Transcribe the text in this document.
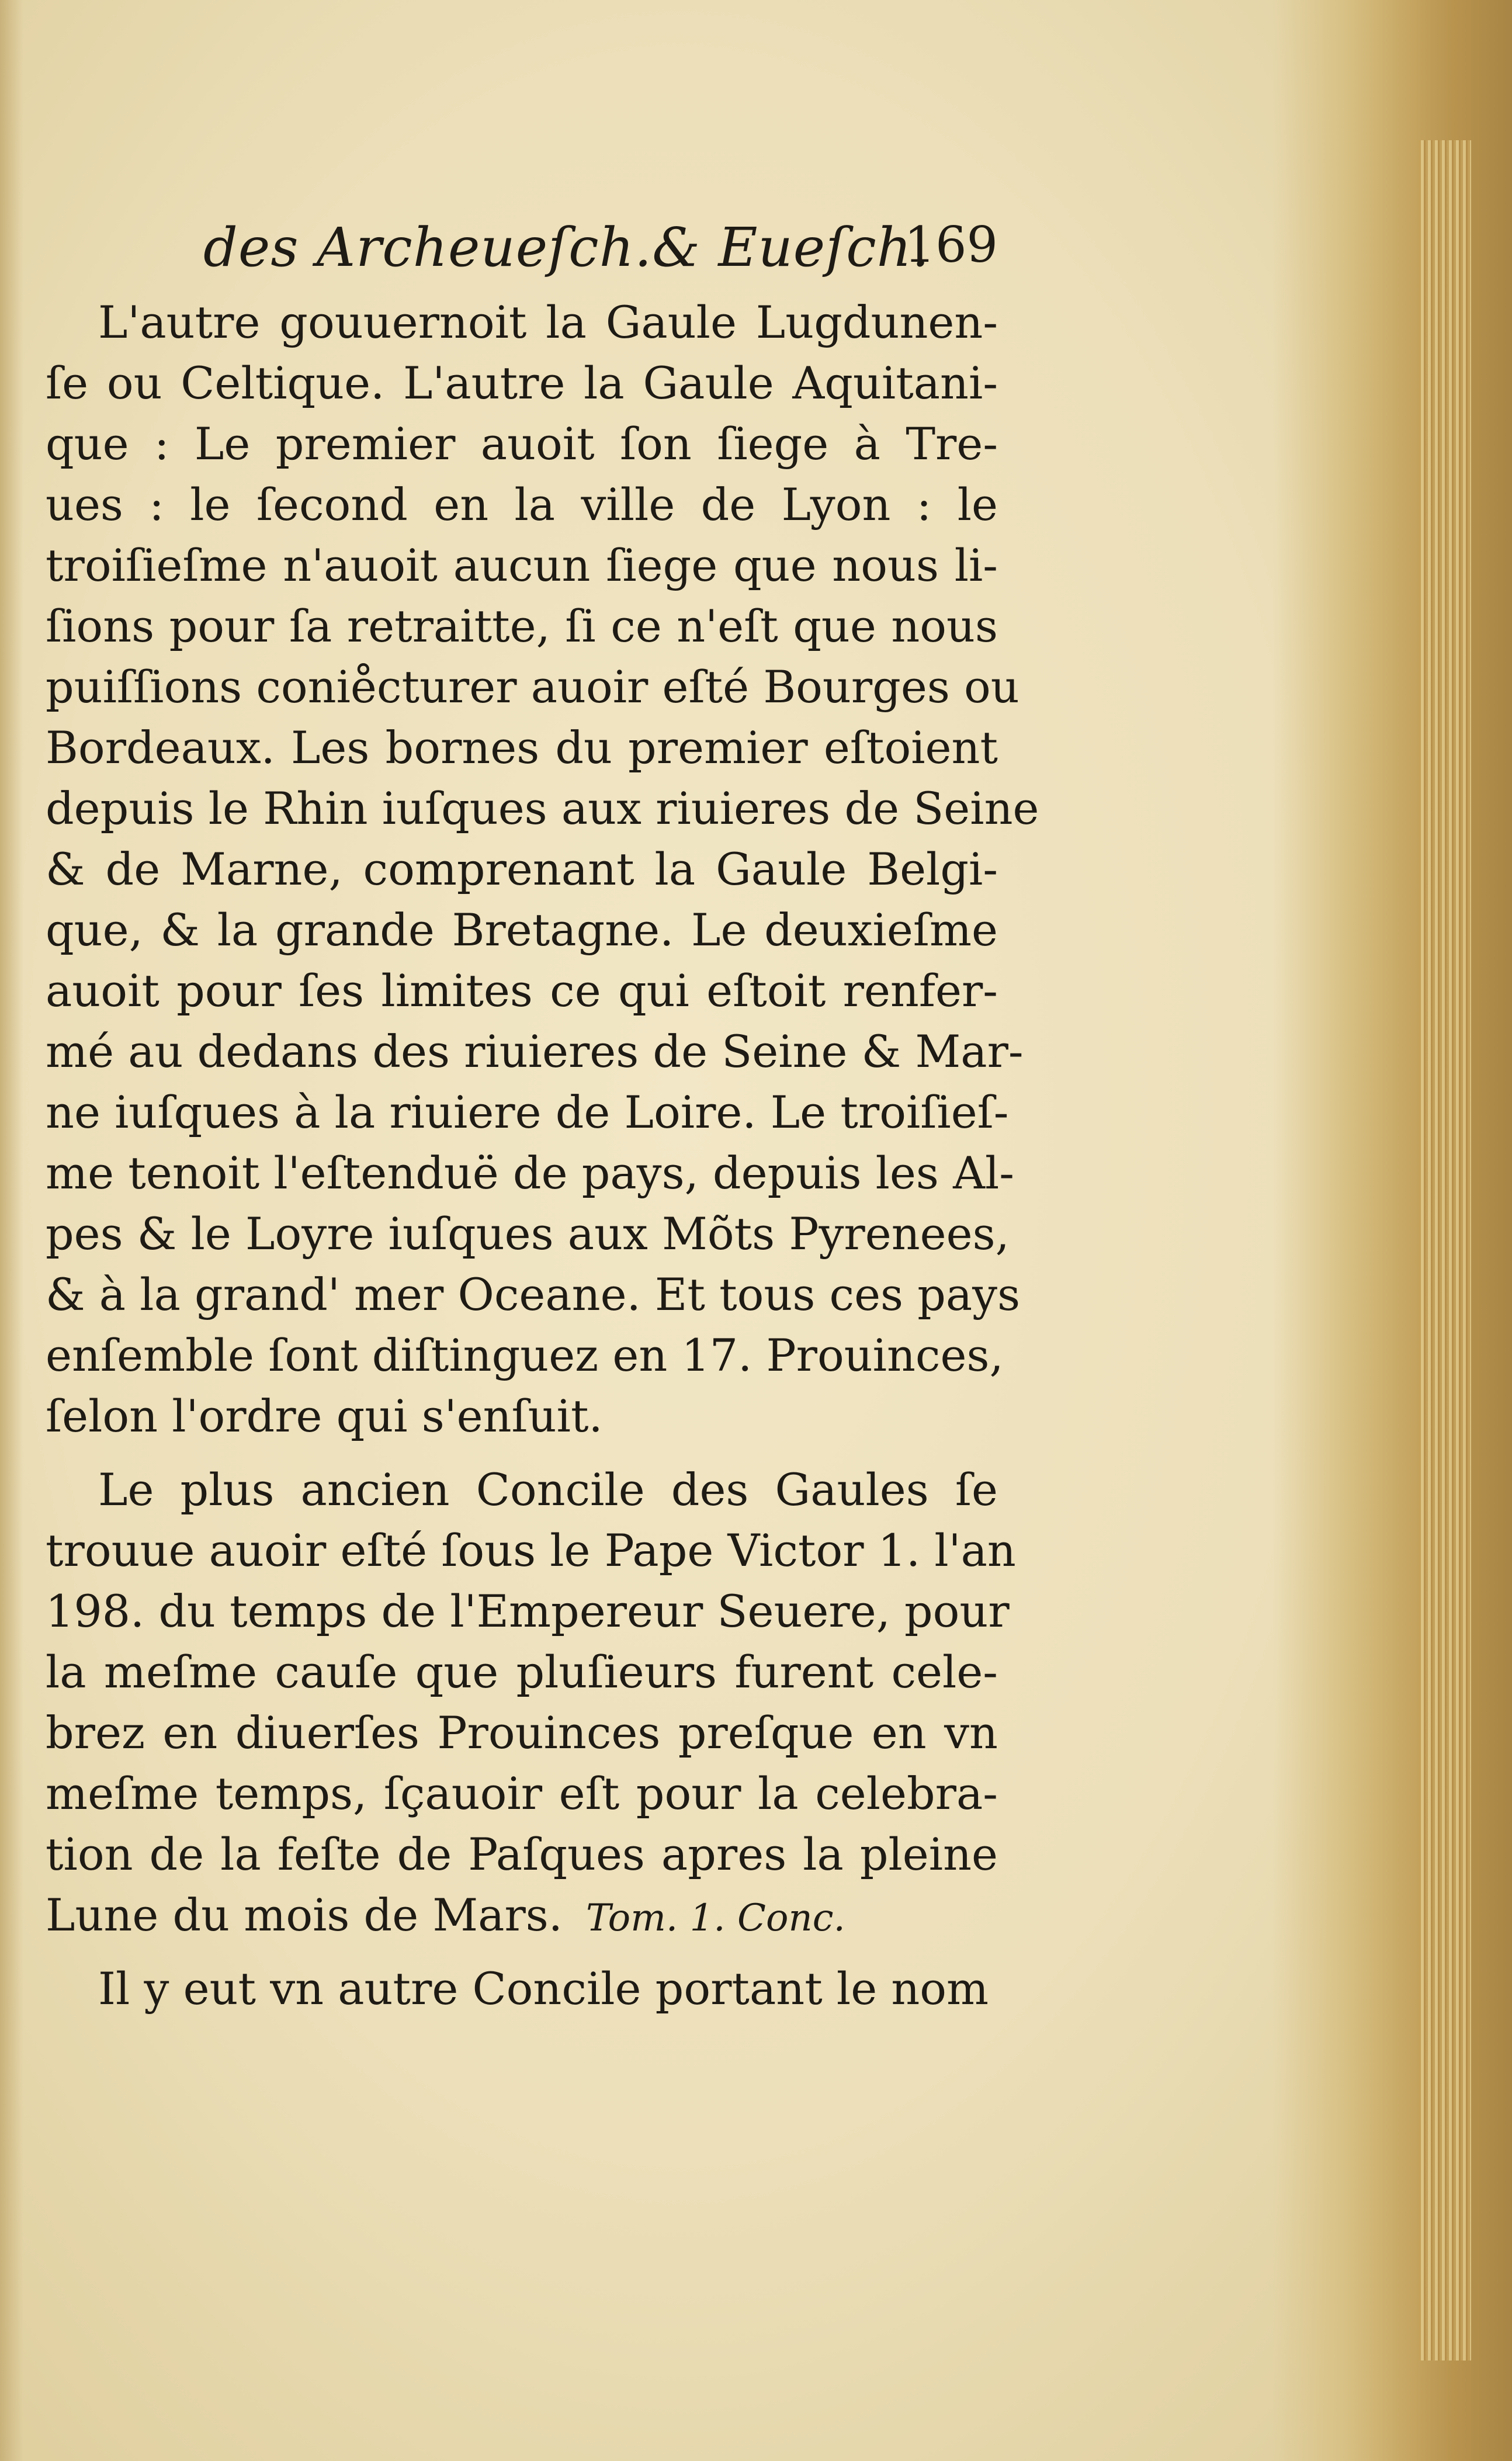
des Archeueſch.& Eueſch.
169
L'autre gouuernoit la Gaule Lugdunen-
ſe ou Celtique. L'autre la Gaule Aquitani-
que : Le premier auoit ſon ſiege à Tre-
ues : le ſecond en la ville de Lyon : le
troiſieſme n'auoit aucun ſiege que nous li-
ſions pour ſa retraitte, ſi ce n'eſt que nous
puiſſions conie̊cturer auoir eſté Bourges ou
Bordeaux. Les bornes du premier eſtoient
depuis le Rhin iuſques aux riuieres de Seine
& de Marne, comprenant la Gaule Belgi-
que, & la grande Bretagne. Le deuxieſme
auoit pour ſes limites ce qui eſtoit renfer-
mé au dedans des riuieres de Seine & Mar-
ne iuſques à la riuiere de Loire. Le troiſieſ-
me tenoit l'eſtenduë de pays, depuis les Al-
pes & le Loyre iuſques aux Mõts Pyrenees,
& à la grand' mer Oceane. Et tous ces pays
enſemble ſont diſtinguez en 17. Prouinces,
ſelon l'ordre qui s'enſuit.
Le plus ancien Concile des Gaules ſe
trouue auoir eſté ſous le Pape Victor 1. l'an
198. du temps de l'Empereur Seuere, pour
la meſme cauſe que pluſieurs furent cele-
brez en diuerſes Prouinces preſque en vn
meſme temps, ſçauoir eſt pour la celebra-
tion de la feſte de Paſques apres la pleine
Lune du mois de Mars. Tom. 1. Conc.
Il y eut vn autre Concile portant le nom
